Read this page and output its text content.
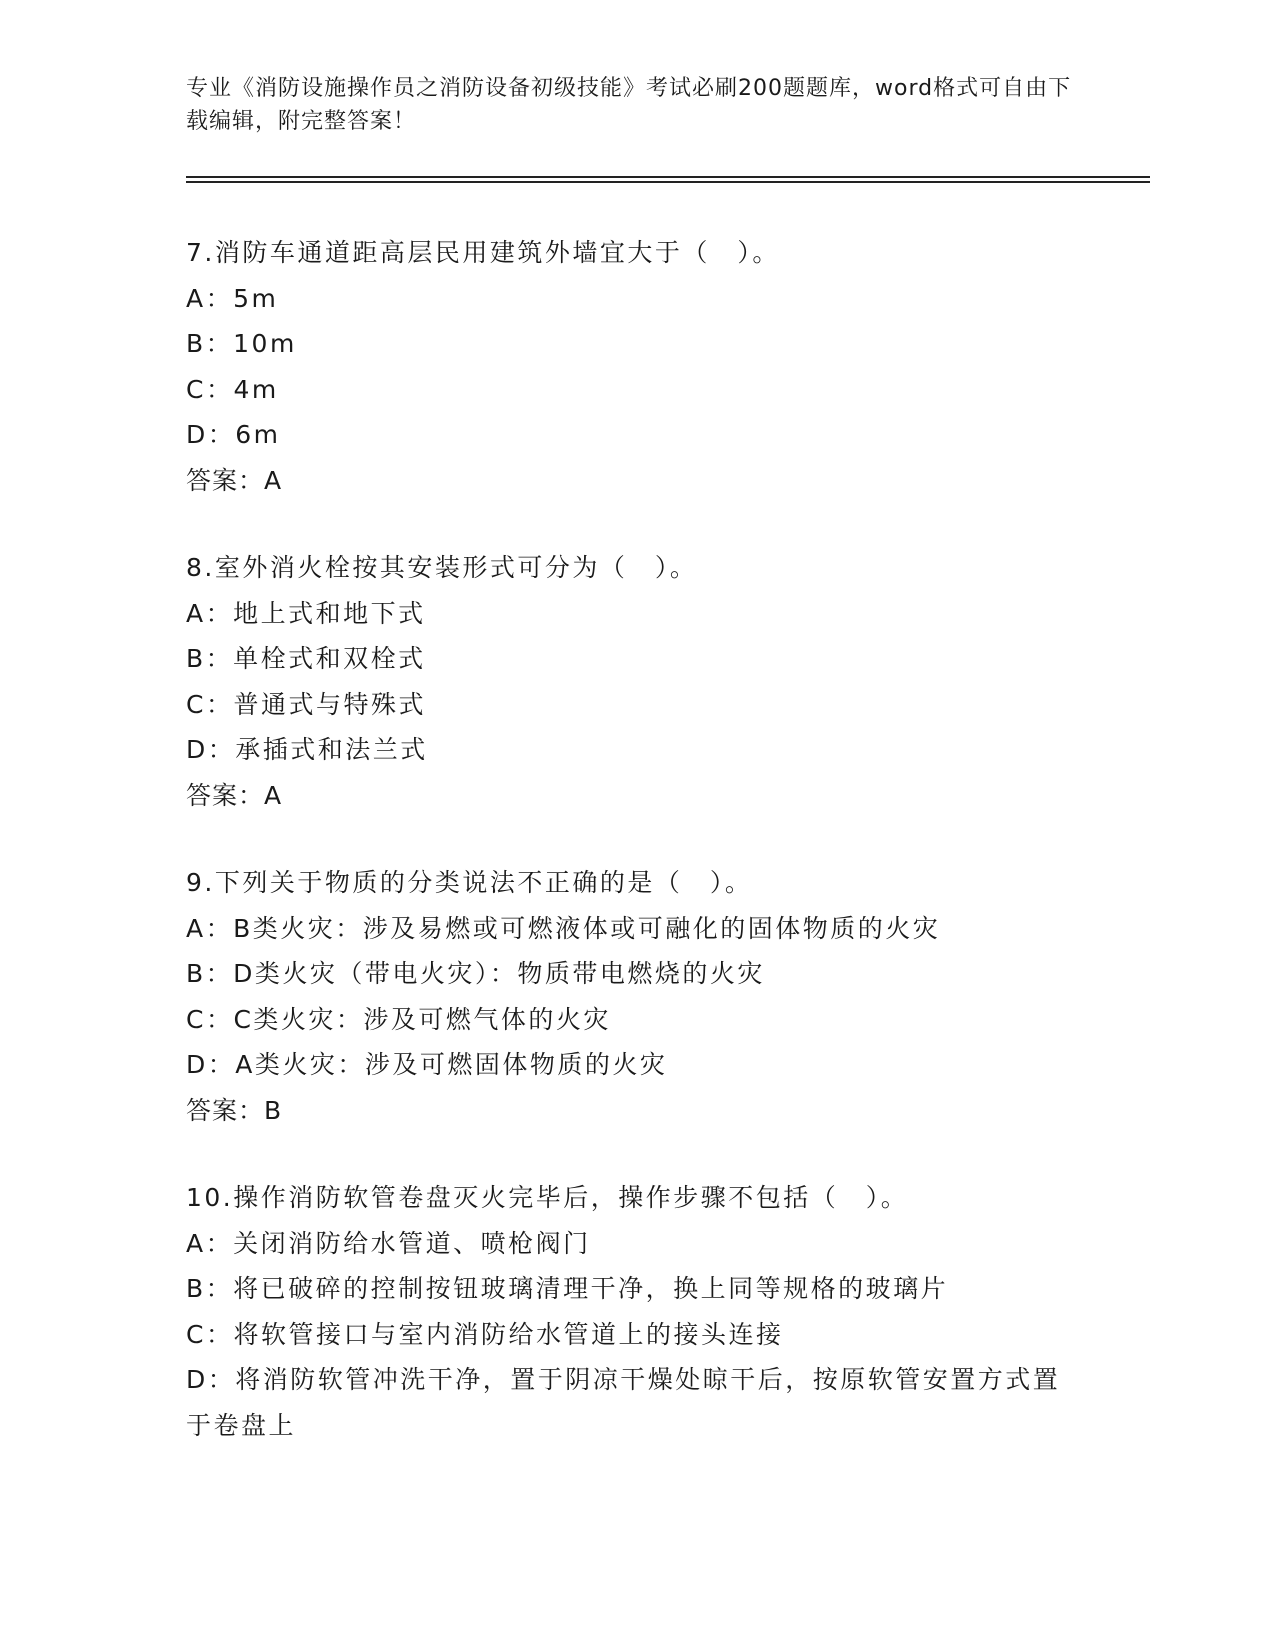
专业《消防设施操作员之消防设备初级技能》考试必刷200题题库，word格式可自由下载编辑，附完整答案！
7.消防车通道距高层民用建筑外墙宜大于（　）。
A：5m
B：10m
C：4m
D：6m
答案：A
8.室外消火栓按其安装形式可分为（　）。
A：地上式和地下式
B：单栓式和双栓式
C：普通式与特殊式
D：承插式和法兰式
答案：A
9.下列关于物质的分类说法不正确的是（　）。
A：B类火灾：涉及易燃或可燃液体或可融化的固体物质的火灾
B：D类火灾（带电火灾）：物质带电燃烧的火灾
C：C类火灾：涉及可燃气体的火灾
D：A类火灾：涉及可燃固体物质的火灾
答案：B
10.操作消防软管卷盘灭火完毕后，操作步骤不包括（　）。
A：关闭消防给水管道、喷枪阀门
B：将已破碎的控制按钮玻璃清理干净，换上同等规格的玻璃片
C：将软管接口与室内消防给水管道上的接头连接
D：将消防软管冲洗干净，置于阴凉干燥处晾干后，按原软管安置方式置于卷盘上
